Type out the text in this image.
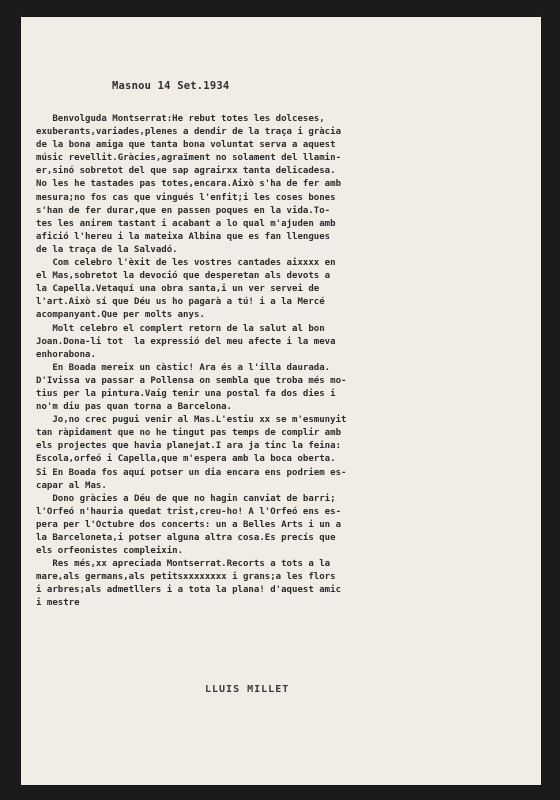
Masnou 14 Set.1934
Benvolguda Montserrat:He rebut totes les dolceses,
exuberants,variades,plenes a dendir de la traça i gràcia
de la bona amiga que tanta bona voluntat serva a aquest
músic revellit.Gràcies,agraïment no solament del llamin-
er,sinó sobretot del que sap agrairxx tanta delicadesa.
No les he tastades pas totes,encara.Això s'ha de fer amb
mesura;no fos cas que vingués l'enfit;i les coses bones
s'han de fer durar,que en passen poques en la vida.To-
tes les anirem tastant i acabant a lo qual m'ajuden amb
afició l'hereu i la mateixa Albina que es fan llengues
de la traça de la Salvadó.
Com celebro l'èxit de les vostres cantades aixxxx en
el Mas,sobretot la devoció que desperetan als devots a
la Capella.Vetaquí una obra santa,i un ver servei de
l'art.Això sí que Déu us ho pagarà a tú! i a la Mercé
acompanyant.Que per molts anys.
Molt celebro el complert retorn de la salut al bon
Joan.Dona-li tot  la expressió del meu afecte i la meva
enhorabona.
En Boada mereix un càstic! Ara és a l'illa daurada.
D'Ivissa va passar a Pollensa on sembla que troba més mo-
tius per la pintura.Vaig tenir una postal fa dos dies i
no'm diu pas quan torna a Barcelona.
Jo,no crec pugui venir al Mas.L'estiu xx se m'esmunyit
tan ràpidament que no he tingut pas temps de complir amb
els projectes que havia planejat.I ara ja tinc la feina:
Escola,orfeó i Capella,que m'espera amb la boca oberta.
Si En Boada fos aquí potser un dia encara ens podriem es-
capar al Mas.
Dono gràcies a Déu de que no hagin canviat de barri;
l'Orfeó n'hauria quedat trist,creu-ho! A l'Orfeó ens es-
pera per l'Octubre dos concerts: un a Belles Arts i un a
la Barceloneta,i potser alguna altra cosa.Es precís que
els orfeonistes compleixin.
Res més,xx apreciada Montserrat.Recorts a tots a la
mare,als germans,als petitsxxxxxxxx i grans;a les flors
i arbres;als admetllers i a tota la plana! d'aquest amic
i mestre
LLUIS MILLET
